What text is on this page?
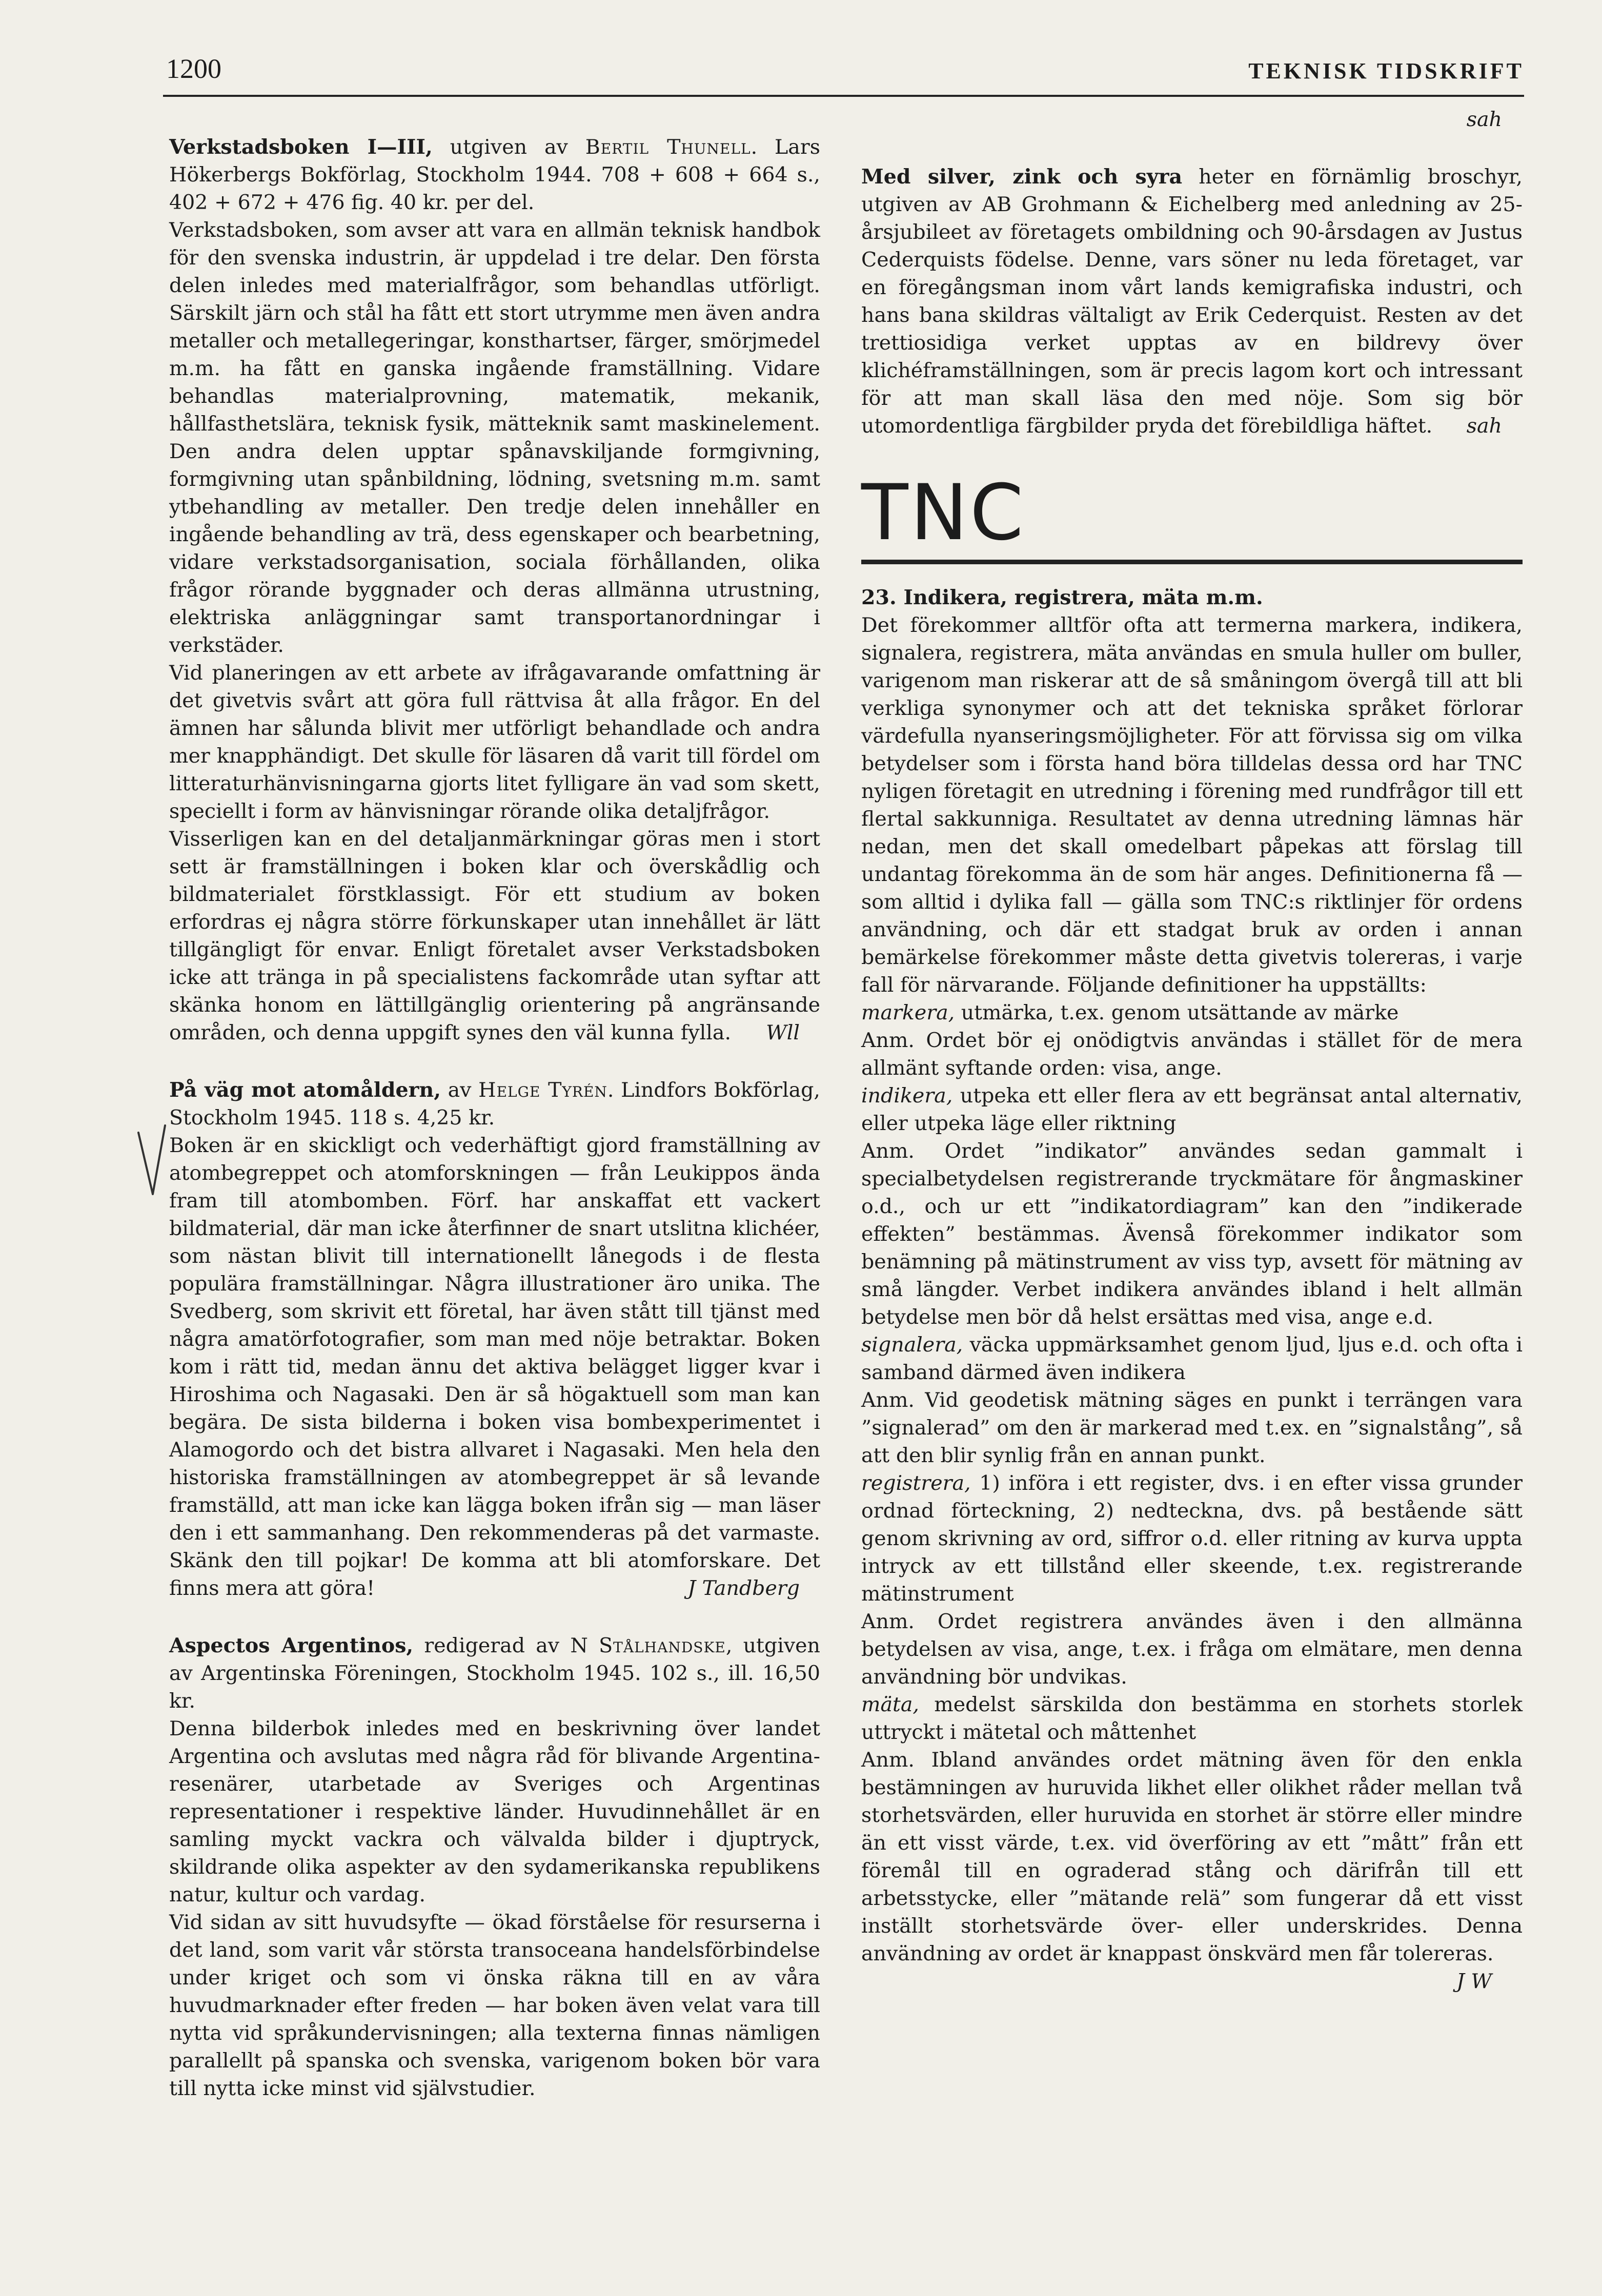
1200	TEKNISK TIDSKRIFT

Verkstadsboken I—III, utgiven av Bertil Thunell. Lars Hökerbergs Bokförlag, Stockholm 1944. 708 + 608 + 664 s., 402 + 672 + 476 fig. 40 kr. per del.

Verkstadsboken, som avser att vara en allmän teknisk handbok för den svenska industrin, är uppdelad i tre delar. Den första delen inledes med materialfrågor, som behandlas utförligt. Särskilt järn och stål ha fått ett stort utrymme men även andra metaller och metallegeringar, konsthartser, färger, smörjmedel m.m. ha fått en ganska ingående framställning. Vidare behandlas materialprovning, matematik, mekanik, hållfasthetslära, teknisk fysik, mätteknik samt maskinelement. Den andra delen upptar spånavskiljande formgivning, formgivning utan spånbildning, lödning, svetsning m.m. samt ytbehandling av metaller. Den tredje delen innehåller en ingående behandling av trä, dess egenskaper och bearbetning, vidare verkstadsorganisation, sociala förhållanden, olika frågor rörande byggnader och deras allmänna utrustning, elektriska anläggningar samt transportanordningar i verkstäder.

Vid planeringen av ett arbete av ifrågavarande omfattning är det givetvis svårt att göra full rättvisa åt alla frågor. En del ämnen har sålunda blivit mer utförligt behandlade och andra mer knapphändigt. Det skulle för läsaren då varit till fördel om litteraturhänvisningarna gjorts litet fylligare än vad som skett, speciellt i form av hänvisningar rörande olika detaljfrågor.

Visserligen kan en del detaljanmärkningar göras men i stort sett är framställningen i boken klar och överskådlig och bildmaterialet förstklassigt. För ett studium av boken erfordras ej några större förkunskaper utan innehållet är lätt tillgängligt för envar. Enligt företalet avser Verkstadsboken icke att tränga in på specialistens fackområde utan syftar att skänka honom en lättillgänglig orientering på angränsande områden, och denna uppgift synes den väl kunna fylla. Wll

På väg mot atomåldern, av Helge Tyrén. Lindfors Bokförlag, Stockholm 1945. 118 s. 4,25 kr.

Boken är en skickligt och vederhäftigt gjord framställning av atombegreppet och atomforskningen — från Leukippos ända fram till atombomben. Förf. har anskaffat ett vackert bildmaterial, där man icke återfinner de snart utslitna klichéer, som nästan blivit till internationellt lånegods i de flesta populära framställningar. Några illustrationer äro unika. The Svedberg, som skrivit ett företal, har även stått till tjänst med några amatörfotografier, som man med nöje betraktar. Boken kom i rätt tid, medan ännu det aktiva belägget ligger kvar i Hiroshima och Nagasaki. Den är så högaktuell som man kan begära. De sista bilderna i boken visa bombexperimentet i Alamogordo och det bistra allvaret i Nagasaki. Men hela den historiska framställningen av atombegreppet är så levande framställd, att man icke kan lägga boken ifrån sig — man läser den i ett sammanhang. Den rekommenderas på det varmaste. Skänk den till pojkar! De komma att bli atomforskare. Det finns mera att göra!	J Tandberg

Aspectos Argentinos, redigerad av N Stålhandske, utgiven av Argentinska Föreningen, Stockholm 1945. 102 s., ill. 16,50 kr.

Denna bilderbok inledes med en beskrivning över landet Argentina och avslutas med några råd för blivande Argentina-resenärer, utarbetade av Sveriges och Argentinas representationer i respektive länder. Huvudinnehållet är en samling myckt vackra och välvalda bilder i djuptryck, skildrande olika aspekter av den sydamerikanska republikens natur, kultur och vardag.

Vid sidan av sitt huvudsyfte — ökad förståelse för resurserna i det land, som varit vår största transoceana handelsförbindelse under kriget och som vi önska räkna till en av våra huvudmarknader efter freden — har boken även velat vara till nytta vid språkundervisningen; alla texterna finnas nämligen parallellt på spanska och svenska, varigenom boken bör vara till nytta icke minst vid självstudier.

sah

Med silver, zink och syra heter en förnämlig broschyr, utgiven av AB Grohmann & Eichelberg med anledning av 25-årsjubileet av företagets ombildning och 90-årsdagen av Justus Cederquists födelse. Denne, vars söner nu leda företaget, var en föregångsman inom vårt lands kemigrafiska industri, och hans bana skildras vältaligt av Erik Cederquist. Resten av det trettiosidiga verket upptas av en bildrevy över klichéframställningen, som är precis lagom kort och intressant för att man skall läsa den med nöje. Som sig bör utomordentliga färgbilder pryda det förebildliga häftet. sah

TNC

23. Indikera, registrera, mäta m.m.

Det förekommer alltför ofta att termerna markera, indikera, signalera, registrera, mäta användas en smula huller om buller, varigenom man riskerar att de så småningom övergå till att bli verkliga synonymer och att det tekniska språket förlorar värdefulla nyanseringsmöjligheter. För att förvissa sig om vilka betydelser som i första hand böra tilldelas dessa ord har TNC nyligen företagit en utredning i förening med rundfrågor till ett flertal sakkunniga. Resultatet av denna utredning lämnas här nedan, men det skall omedelbart påpekas att förslag till undantag förekomma än de som här anges. Definitionerna få — som alltid i dylika fall — gälla som TNC:s riktlinjer för ordens användning, och där ett stadgat bruk av orden i annan bemärkelse förekommer måste detta givetvis tolereras, i varje fall för närvarande. Följande definitioner ha uppställts:

markera, utmärka, t.ex. genom utsättande av märke

Anm. Ordet bör ej onödigtvis användas i stället för de mera allmänt syftande orden: visa, ange.

indikera, utpeka ett eller flera av ett begränsat antal alternativ, eller utpeka läge eller riktning

Anm. Ordet ”indikator” användes sedan gammalt i specialbetydelsen registrerande tryckmätare för ångmaskiner o.d., och ur ett ”indikatordiagram” kan den ”indikerade effekten” bestämmas. Ävenså förekommer indikator som benämning på mätinstrument av viss typ, avsett för mätning av små längder. Verbet indikera användes ibland i helt allmän betydelse men bör då helst ersättas med visa, ange e.d.

signalera, väcka uppmärksamhet genom ljud, ljus e.d. och ofta i samband därmed även indikera

Anm. Vid geodetisk mätning säges en punkt i terrängen vara ”signalerad” om den är markerad med t.ex. en ”signalstång”, så att den blir synlig från en annan punkt.

registrera, 1) införa i ett register, dvs. i en efter vissa grunder ordnad förteckning, 2) nedteckna, dvs. på bestående sätt genom skrivning av ord, siffror o.d. eller ritning av kurva uppta intryck av ett tillstånd eller skeende, t.ex. registrerande mätinstrument

Anm. Ordet registrera användes även i den allmänna betydelsen av visa, ange, t.ex. i fråga om elmätare, men denna användning bör undvikas.

mäta, medelst särskilda don bestämma en storhets storlek uttryckt i mätetal och måttenhet

Anm. Ibland användes ordet mätning även för den enkla bestämningen av huruvida likhet eller olikhet råder mellan två storhetsvärden, eller huruvida en storhet är större eller mindre än ett visst värde, t.ex. vid överföring av ett ”mått” från ett föremål till en ograderad stång och därifrån till ett arbetsstycke, eller ”mätande relä” som fungerar då ett visst inställt storhetsvärde över- eller underskrides. Denna användning av ordet är knappast önskvärd men får tolereras.
J W
